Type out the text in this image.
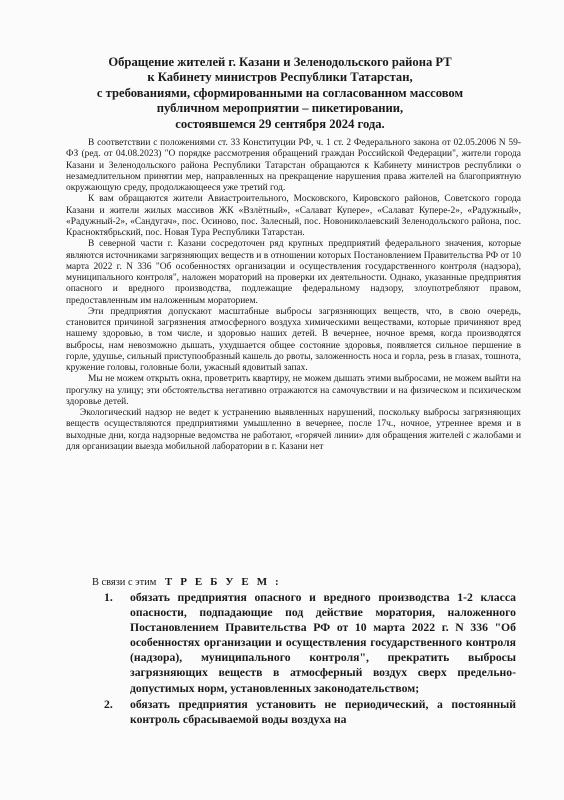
Обращение жителей г. Казани и Зеленодольского района РТ
к Кабинету министров Республики Татарстан,
с требованиями, сформированными на согласованном массовом
публичном мероприятии – пикетировании,
состоявшемся 29 сентября 2024 года.

В соответствии с положениями ст. 33 Конституции РФ, ч. 1 ст. 2 Федерального закона от 02.05.2006 N 59-ФЗ (ред. от 04.08.2023) "О порядке рассмотрения обращений граждан Российской Федерации", жители города Казани и Зеленодольского района Республики Татарстан обращаются к Кабинету министров республики о незамедлительном принятии мер, направленных на прекращение нарушения права жителей на благоприятную окружающую среду, продолжающееся уже третий год.

К вам обращаются жители Авиастроительного, Московского, Кировского районов, Советского города Казани и жители жилых массивов ЖК «Взлётный», «Салават Купере», «Салават Купере-2», «Радужный», «Радужный-2», «Сандугач», пос. Осиново, пос. Залесный, пос. Новониколаевский Зеленодольского района, пос. Красноктябрьский, пос. Новая Тура Республики Татарстан.

В северной части г. Казани сосредоточен ряд крупных предприятий федерального значения, которые являются источниками загрязняющих веществ и в отношении которых Постановлением Правительства РФ от 10 марта 2022 г. N 336 "Об особенностях организации и осуществления государственного контроля (надзора), муниципального контроля", наложен мораторий на проверки их деятельности. Однако, указанные предприятия опасного и вредного производства, подлежащие федеральному надзору, злоупотребляют правом, предоставленным им наложенным мораторием.

Эти предприятия допускают масштабные выбросы загрязняющих веществ, что, в свою очередь, становится причиной загрязнения атмосферного воздуха химическими веществами, которые причиняют вред нашему здоровью, в том числе, и здоровью наших детей. В вечернее, ночное время, когда производятся выбросы, нам невозможно дышать, ухудшается общее состояние здоровья, появляется сильное першение в горле, удушье, сильный приступообразный кашель до рвоты, заложенность носа и горла, резь в глазах, тошнота, кружение головы, головные боли, ужасный ядовитый запах.

Мы не можем открыть окна, проветрить квартиру, не можем дышать этими выбросами, не можем выйти на прогулку на улицу; эти обстоятельства негативно отражаются на самочувствии и на физическом и психическом здоровье детей.

Экологический надзор не ведет к устранению выявленных нарушений, поскольку выбросы загрязняющих веществ осуществляются предприятиями умышленно в вечернее, после 17ч., ночное, утреннее время и в выходные дни, когда надзорные ведомства не работают, «горячей линии» для обращения жителей с жалобами и для организации выезда мобильной лаборатории в г. Казани нет

В связи с этим Т Р Е Б У Е М :
1. обязать предприятия опасного и вредного производства 1-2 класса опасности, подпадающие под действие моратория, наложенного Постановлением Правительства РФ от 10 марта 2022 г. N 336 "Об особенностях организации и осуществления государственного контроля (надзора), муниципального контроля", прекратить выбросы загрязняющих веществ в атмосферный воздух сверх предельно-допустимых норм, установленных законодательством;
2. обязать предприятия установить не периодический, а постоянный контроль сбрасываемой воды воздуха на
